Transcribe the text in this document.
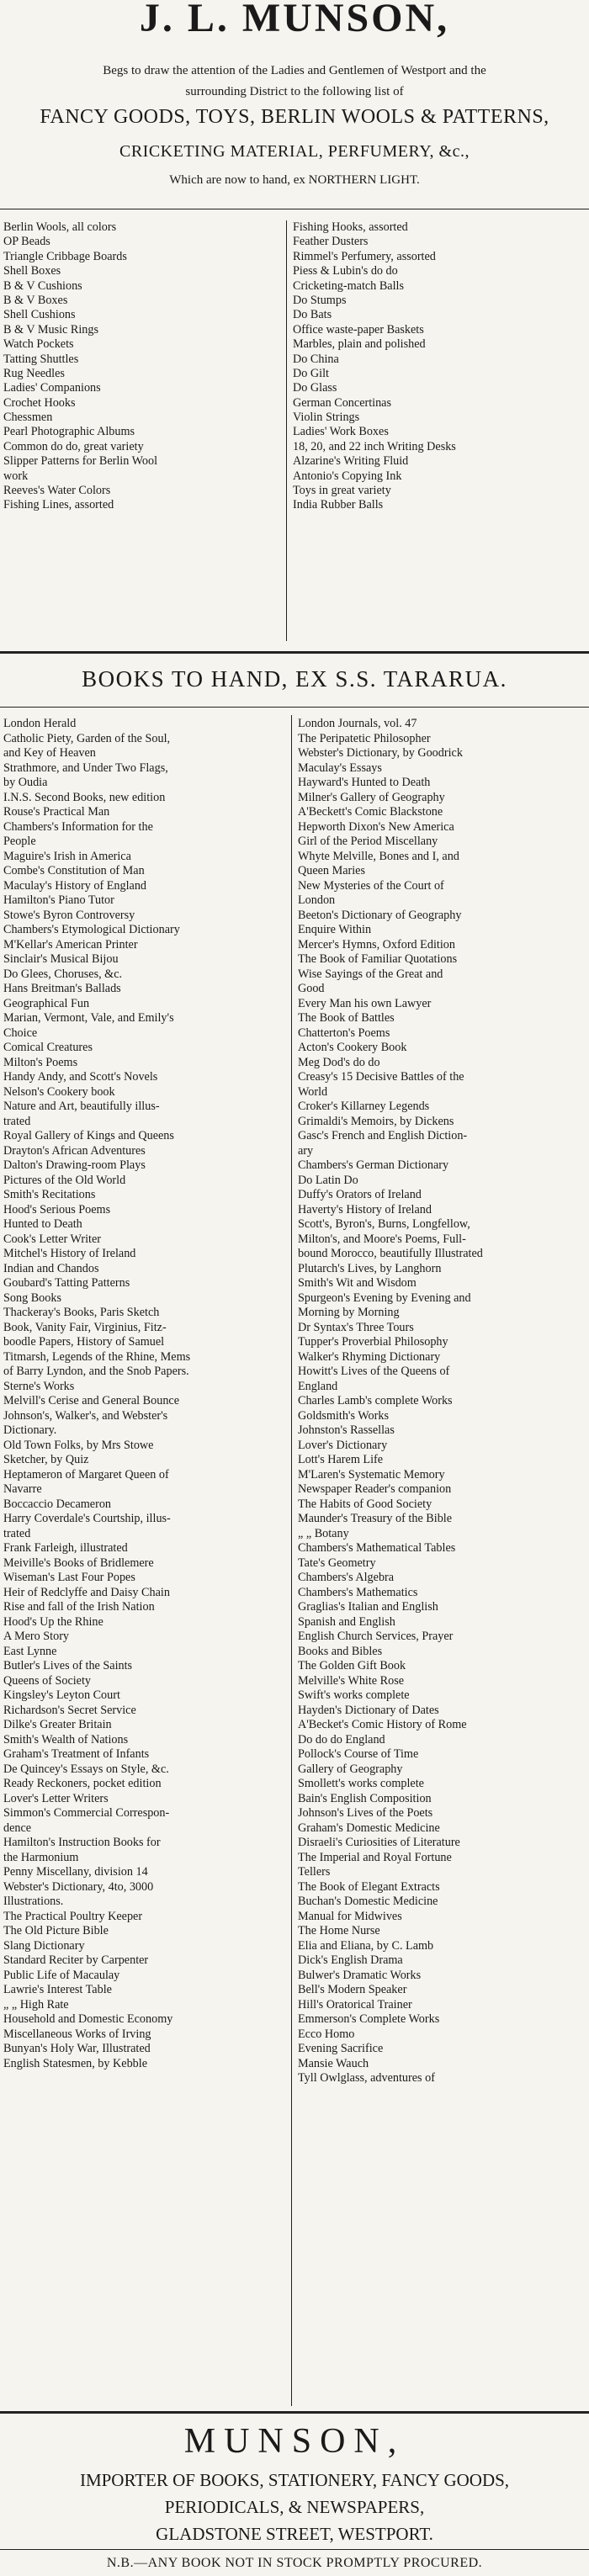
J. L. MUNSON,
Begs to draw the attention of the Ladies and Gentlemen of Westport and the
surrounding District to the following list of
FANCY GOODS, TOYS, BERLIN WOOLS & PATTERNS,
CRICKETING MATERIAL, PERFUMERY, &c.,
Which are now to hand, ex NORTHERN LIGHT.
Berlin Wools, all colors
OP Beads
Triangle Cribbage Boards
Shell Boxes
B & V Cushions
B & V Boxes
Shell Cushions
B & V Music Rings
Watch Pockets
Tatting Shuttles
Rug Needles
Ladies' Companions
Crochet Hooks
Chessmen
Pearl Photographic Albums
Common do do, great variety
Slipper Patterns for Berlin Wool
work
Reeves's Water Colors
Fishing Lines, assorted
Fishing Hooks, assorted
Feather Dusters
Rimmel's Perfumery, assorted
Piess & Lubin's do do
Cricketing-match Balls
Do Stumps
Do Bats
Office waste-paper Baskets
Marbles, plain and polished
Do China
Do Gilt
Do Glass
German Concertinas
Violin Strings
Ladies' Work Boxes
18, 20, and 22 inch Writing Desks
Alzarine's Writing Fluid
Antonio's Copying Ink
Toys in great variety
India Rubber Balls
BOOKS TO HAND, EX S.S. TARARUA.
London Herald
Catholic Piety, Garden of the Soul,
and Key of Heaven
Strathmore, and Under Two Flags,
by Oudia
I.N.S. Second Books, new edition
Rouse's Practical Man
Chambers's Information for the
People
Maguire's Irish in America
Combe's Constitution of Man
Maculay's History of England
Hamilton's Piano Tutor
Stowe's Byron Controversy
Chambers's Etymological Dictionary
M'Kellar's American Printer
Sinclair's Musical Bijou
Do Glees, Choruses, &c.
Hans Breitman's Ballads
Geographical Fun
Marian, Vermont, Vale, and Emily's
Choice
Comical Creatures
Milton's Poems
Handy Andy, and Scott's Novels
Nelson's Cookery book
Nature and Art, beautifully illus-
trated
Royal Gallery of Kings and Queens
Drayton's African Adventures
Dalton's Drawing-room Plays
Pictures of the Old World
Smith's Recitations
Hood's Serious Poems
Hunted to Death
Cook's Letter Writer
Mitchel's History of Ireland
Indian and Chandos
Goubard's Tatting Patterns
Song Books
Thackeray's Books, Paris Sketch
Book, Vanity Fair, Virginius, Fitz-
boodle Papers, History of Samuel
Titmarsh, Legends of the Rhine, Mems
of Barry Lyndon, and the Snob Papers.
Sterne's Works
Melvill's Cerise and General Bounce
Johnson's, Walker's, and Webster's
Dictionary.
Old Town Folks, by Mrs Stowe
Sketcher, by Quiz
Heptameron of Margaret Queen of
Navarre
Boccaccio Decameron
Harry Coverdale's Courtship, illus-
trated
Frank Farleigh, illustrated
Meiville's Books of Bridlemere
Wiseman's Last Four Popes
Heir of Redclyffe and Daisy Chain
Rise and fall of the Irish Nation
Hood's Up the Rhine
A Mero Story
East Lynne
Butler's Lives of the Saints
Queens of Society
Kingsley's Leyton Court
Richardson's Secret Service
Dilke's Greater Britain
Smith's Wealth of Nations
Graham's Treatment of Infants
De Quincey's Essays on Style, &c.
Ready Reckoners, pocket edition
Lover's Letter Writers
Simmon's Commercial Correspon-
dence
Hamilton's Instruction Books for
the Harmonium
Penny Miscellany, division 14
Webster's Dictionary, 4to, 3000
Illustrations.
The Practical Poultry Keeper
The Old Picture Bible
Slang Dictionary
Standard Reciter by Carpenter
Public Life of Macaulay
Lawrie's Interest Table
„ „ High Rate
Household and Domestic Economy
Miscellaneous Works of Irving
Bunyan's Holy War, Illustrated
English Statesmen, by Kebble
London Journals, vol. 47
The Peripatetic Philosopher
Webster's Dictionary, by Goodrick
Maculay's Essays
Hayward's Hunted to Death
Milner's Gallery of Geography
A'Beckett's Comic Blackstone
Hepworth Dixon's New America
Girl of the Period Miscellany
Whyte Melville, Bones and I, and
Queen Maries
New Mysteries of the Court of
London
Beeton's Dictionary of Geography
Enquire Within
Mercer's Hymns, Oxford Edition
The Book of Familiar Quotations
Wise Sayings of the Great and
Good
Every Man his own Lawyer
The Book of Battles
Chatterton's Poems
Acton's Cookery Book
Meg Dod's do do
Creasy's 15 Decisive Battles of the
World
Croker's Killarney Legends
Grimaldi's Memoirs, by Dickens
Gasc's French and English Diction-
ary
Chambers's German Dictionary
Do Latin Do
Duffy's Orators of Ireland
Haverty's History of Ireland
Scott's, Byron's, Burns, Longfellow,
Milton's, and Moore's Poems, Full-
bound Morocco, beautifully Illustrated
Plutarch's Lives, by Langhorn
Smith's Wit and Wisdom
Spurgeon's Evening by Evening and
Morning by Morning
Dr Syntax's Three Tours
Tupper's Proverbial Philosophy
Walker's Rhyming Dictionary
Howitt's Lives of the Queens of
England
Charles Lamb's complete Works
Goldsmith's Works
Johnston's Rassellas
Lover's Dictionary
Lott's Harem Life
M'Laren's Systematic Memory
Newspaper Reader's companion
The Habits of Good Society
Maunder's Treasury of the Bible
„ „ Botany
Chambers's Mathematical Tables
Tate's Geometry
Chambers's Algebra
Chambers's Mathematics
Graglias's Italian and English
Spanish and English
English Church Services, Prayer
Books and Bibles
The Golden Gift Book
Melville's White Rose
Swift's works complete
Hayden's Dictionary of Dates
A'Becket's Comic History of Rome
Do do do England
Pollock's Course of Time
Gallery of Geography
Smollett's works complete
Bain's English Composition
Johnson's Lives of the Poets
Graham's Domestic Medicine
Disraeli's Curiosities of Literature
The Imperial and Royal Fortune
Tellers
The Book of Elegant Extracts
Buchan's Domestic Medicine
Manual for Midwives
The Home Nurse
Elia and Eliana, by C. Lamb
Dick's English Drama
Bulwer's Dramatic Works
Bell's Modern Speaker
Hill's Oratorical Trainer
Emmerson's Complete Works
Ecco Homo
Evening Sacrifice
Mansie Wauch
Tyll Owlglass, adventures of
MUNSON,
IMPORTER OF BOOKS, STATIONERY, FANCY GOODS,
PERIODICALS, & NEWSPAPERS,
GLADSTONE STREET, WESTPORT.
N.B.—ANY BOOK NOT IN STOCK PROMPTLY PROCURED.
